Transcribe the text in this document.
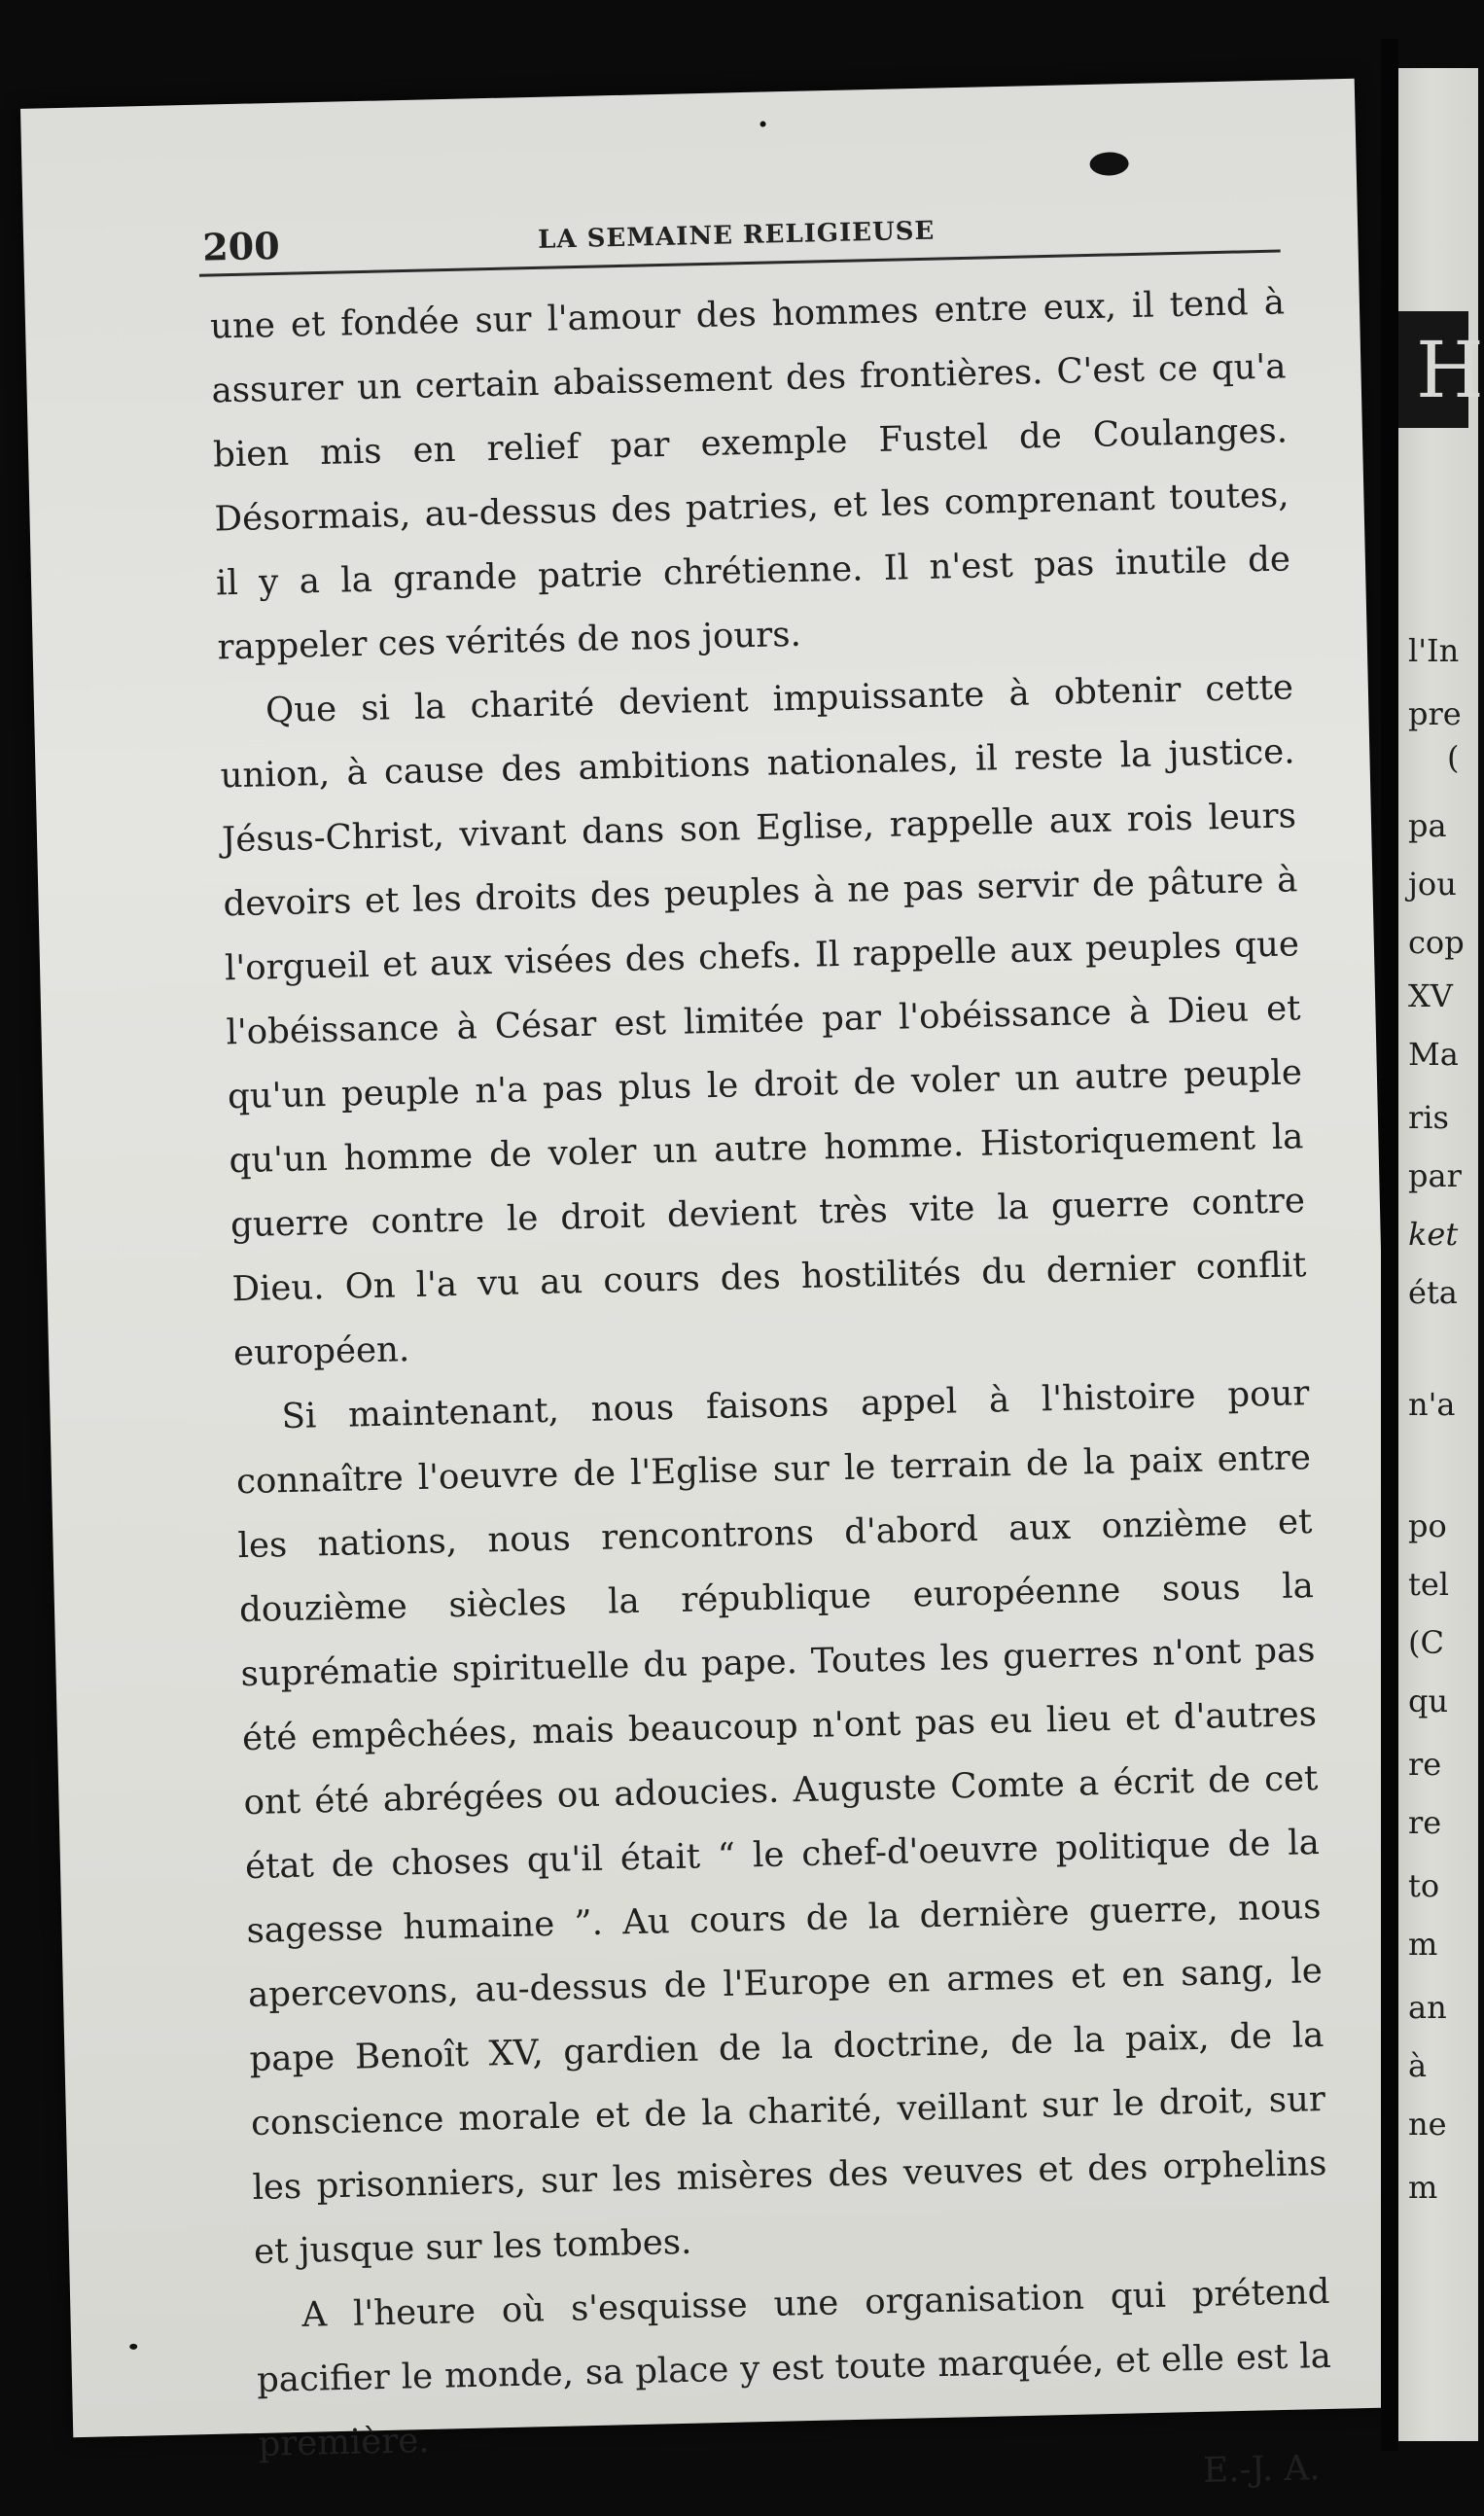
200	LA SEMAINE RELIGIEUSE

une et fondée sur l'amour des hommes entre eux, il tend à assurer un certain abaissement des frontières. C'est ce qu'a bien mis en relief par exemple Fustel de Coulanges. Désormais, au-dessus des patries, et les comprenant toutes, il y a la grande patrie chrétienne. Il n'est pas inutile de rappeler ces vérités de nos jours.

Que si la charité devient impuissante à obtenir cette union, à cause des ambitions nationales, il reste la justice. Jésus-Christ, vivant dans son Eglise, rappelle aux rois leurs devoirs et les droits des peuples à ne pas servir de pâture à l'orgueil et aux visées des chefs. Il rappelle aux peuples que l'obéissance à César est limitée par l'obéissance à Dieu et qu'un peuple n'a pas plus le droit de voler un autre peuple qu'un homme de voler un autre homme. Historiquement la guerre contre le droit devient très vite la guerre contre Dieu. On l'a vu au cours des hostilités du dernier conflit européen.

Si maintenant, nous faisons appel à l'histoire pour connaître l'oeuvre de l'Eglise sur le terrain de la paix entre les nations, nous rencontrons d'abord aux onzième et douzième siècles la république européenne sous la suprématie spirituelle du pape. Toutes les guerres n'ont pas été empêchées, mais beaucoup n'ont pas eu lieu et d'autres ont été abrégées ou adoucies. Auguste Comte a écrit de cet état de choses qu'il était “ le chef-d'oeuvre politique de la sagesse humaine ”. Au cours de la dernière guerre, nous apercevons, au-dessus de l'Europe en armes et en sang, le pape Benoît XV, gardien de la doctrine, de la paix, de la conscience morale et de la charité, veillant sur le droit, sur les prisonniers, sur les misères des veuves et des orphelins et jusque sur les tombes.

A l'heure où s'esquisse une organisation qui prétend pacifier le monde, sa place y est toute marquée, et elle est la première.

E.-J. A.
H
l'In
pre
(
pa
jou
cop
XV
Ma
ris
par
ket
éta
n'a
po
tel
(C
qu
re
re
to
m
an
à
ne
m
